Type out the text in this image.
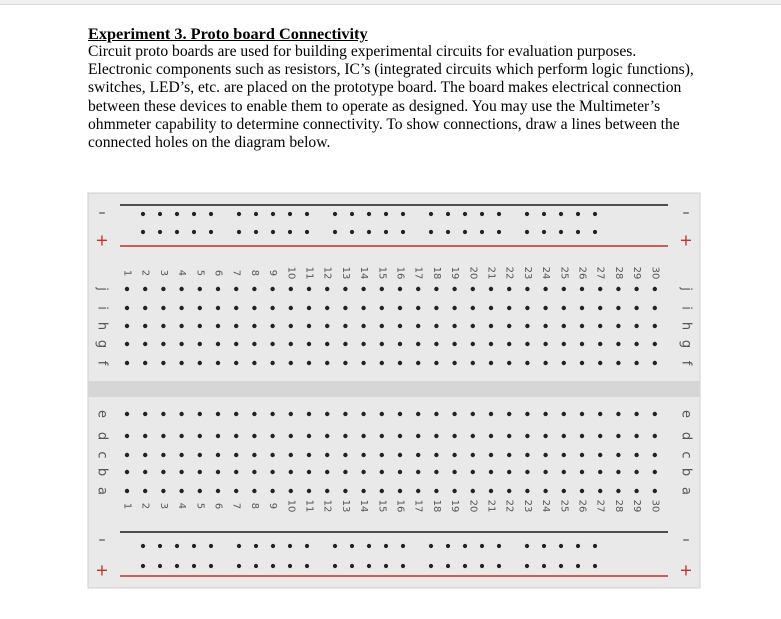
Experiment 3. Proto board Connectivity

Circuit proto boards are used for building experimental circuits for evaluation purposes.
Electronic components such as resistors, IC’s (integrated circuits which perform logic functions),
switches, LED’s, etc. are placed on the prototype board. The board makes electrical connection
between these devices to enable them to operate as designed. You may use the Multimeter’s
ohmmeter capability to determine connectivity. To show connections, draw a lines between the
connected holes on the diagram below.

–	–
+	+
–	–
+	+
1 2 3 4 5 6 7 8 9 10 11 12 13 14 15 16 17 18 19 20 21 22 23 24 25 26 27 28 29 30
1 2 3 4 5 6 7 8 9 10 11 12 13 14 15 16 17 18 19 20 21 22 23 24 25 26 27 28 29 30
j	j
i	i
h	h
g	g
f	f
e	e
d	d
c	c
b	b
a	a
